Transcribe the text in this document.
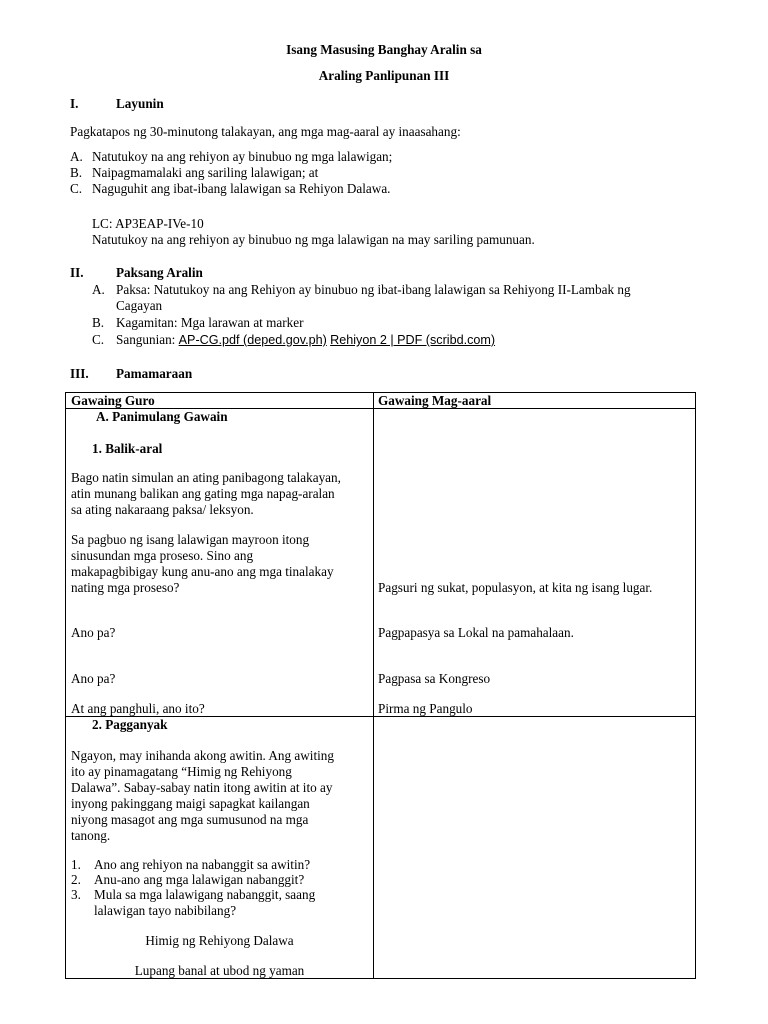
Isang Masusing Banghay Aralin sa
Araling Panlipunan III
I.	Layunin
Pagkatapos ng 30-minutong talakayan, ang mga mag-aaral ay inaasahang:
A. Natutukoy na ang rehiyon ay binubuo ng mga lalawigan;
B. Naipagmamalaki ang sariling lalawigan; at
C. Naguguhit ang ibat-ibang lalawigan sa Rehiyon Dalawa.
LC: AP3EAP-IVe-10
Natutukoy na ang rehiyon ay binubuo ng mga lalawigan na may sariling pamunuan.
II. Paksang Aralin
A. Paksa: Natutukoy na ang Rehiyon ay binubuo ng ibat-ibang lalawigan sa Rehiyong II-Lambak ng
Cagayan
B. Kagamitan: Mga larawan at marker
C. Sangunian: AP-CG.pdf (deped.gov.ph) Rehiyon 2 | PDF (scribd.com)
III. Pamamaraan
Gawaing Guro	Gawaing Mag-aaral
A. Panimulang Gawain
1. Balik-aral
Bago natin simulan an ating panibagong talakayan,
atin munang balikan ang gating mga napag-aralan
sa ating nakaraang paksa/ leksyon.
Sa pagbuo ng isang lalawigan mayroon itong
sinusundan mga proseso. Sino ang
makapagbibigay kung anu-ano ang mga tinalakay
nating mga proseso?
Ano pa?
Ano pa?
At ang panghuli, ano ito?
Pagsuri ng sukat, populasyon, at kita ng isang lugar.
Pagpapasya sa Lokal na pamahalaan.
Pagpasa sa Kongreso
Pirma ng Pangulo
2. Pagganyak
Ngayon, may inihanda akong awitin. Ang awiting
ito ay pinamagatang “Himig ng Rehiyong
Dalawa”. Sabay-sabay natin itong awitin at ito ay
inyong pakinggang maigi sapagkat kailangan
niyong masagot ang mga sumusunod na mga
tanong.
1. Ano ang rehiyon na nabanggit sa awitin?
2. Anu-ano ang mga lalawigan nabanggit?
3. Mula sa mga lalawigang nabanggit, saang
lalawigan tayo nabibilang?
Himig ng Rehiyong Dalawa
Lupang banal at ubod ng yaman
